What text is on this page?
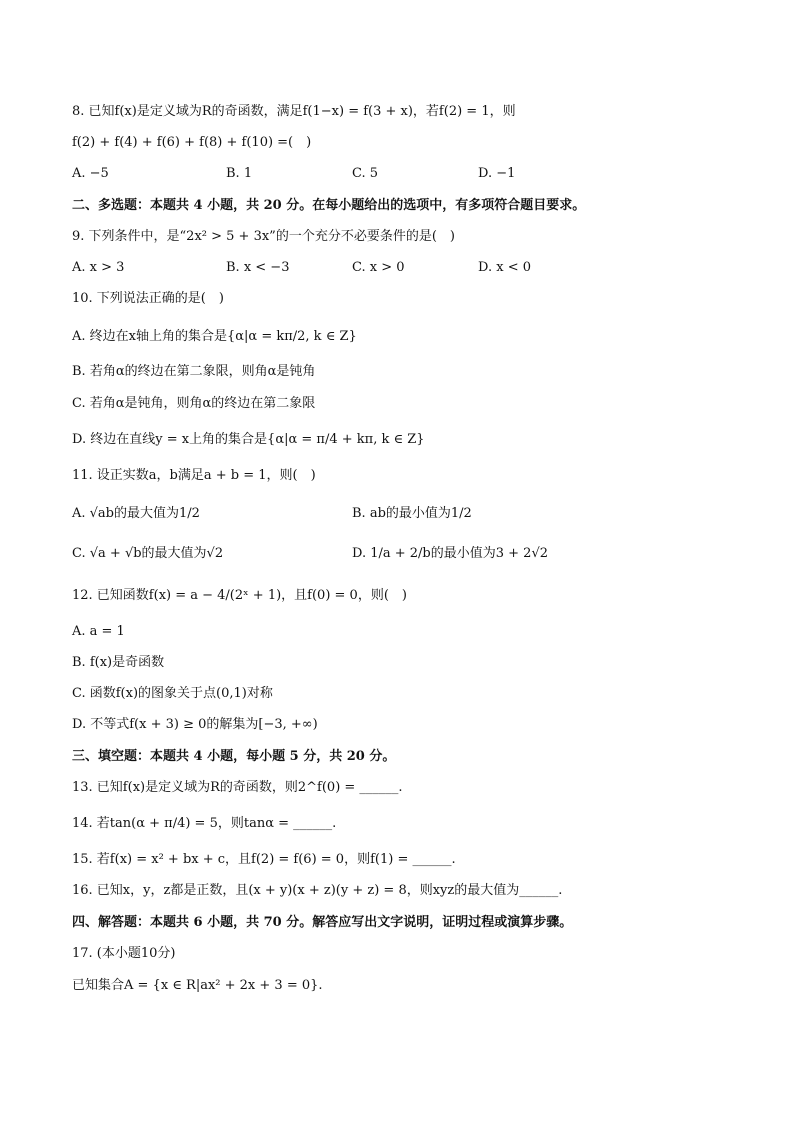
8. 已知f(x)是定义域为R的奇函数，满足f(1−x) = f(3 + x)，若f(2) = 1，则
f(2) + f(4) + f(6) + f(8) + f(10) =(　)
A. −5	B. 1	C. 5	D. −1
二、多选题：本题共 4 小题，共 20 分。在每小题给出的选项中，有多项符合题目要求。
9. 下列条件中，是“2x² > 5 + 3x”的一个充分不必要条件的是(　)
A. x > 3	B. x < −3	C. x > 0	D. x < 0
10. 下列说法正确的是(　)
A. 终边在x轴上角的集合是{α|α = kπ/2, k ∈ Z}
B. 若角α的终边在第二象限，则角α是钝角
C. 若角α是钝角，则角α的终边在第二象限
D. 终边在直线y = x上角的集合是{α|α = π/4 + kπ, k ∈ Z}
11. 设正实数a，b满足a + b = 1，则(　)
A. √ab的最大值为1/2	B. ab的最小值为1/2
C. √a + √b的最大值为√2	D. 1/a + 2/b的最小值为3 + 2√2
12. 已知函数f(x) = a − 4/(2ˣ + 1)，且f(0) = 0，则(　)
A. a = 1
B. f(x)是奇函数
C. 函数f(x)的图象关于点(0,1)对称
D. 不等式f(x + 3) ≥ 0的解集为[−3, +∞)
三、填空题：本题共 4 小题，每小题 5 分，共 20 分。
13. 已知f(x)是定义域为R的奇函数，则2^f(0) = ______.
14. 若tan(α + π/4) = 5，则tanα = ______.
15. 若f(x) = x² + bx + c，且f(2) = f(6) = 0，则f(1) = ______.
16. 已知x，y，z都是正数，且(x + y)(x + z)(y + z) = 8，则xyz的最大值为______.
四、解答题：本题共 6 小题，共 70 分。解答应写出文字说明，证明过程或演算步骤。
17. (本小题10分)
已知集合A = {x ∈ R|ax² + 2x + 3 = 0}.
